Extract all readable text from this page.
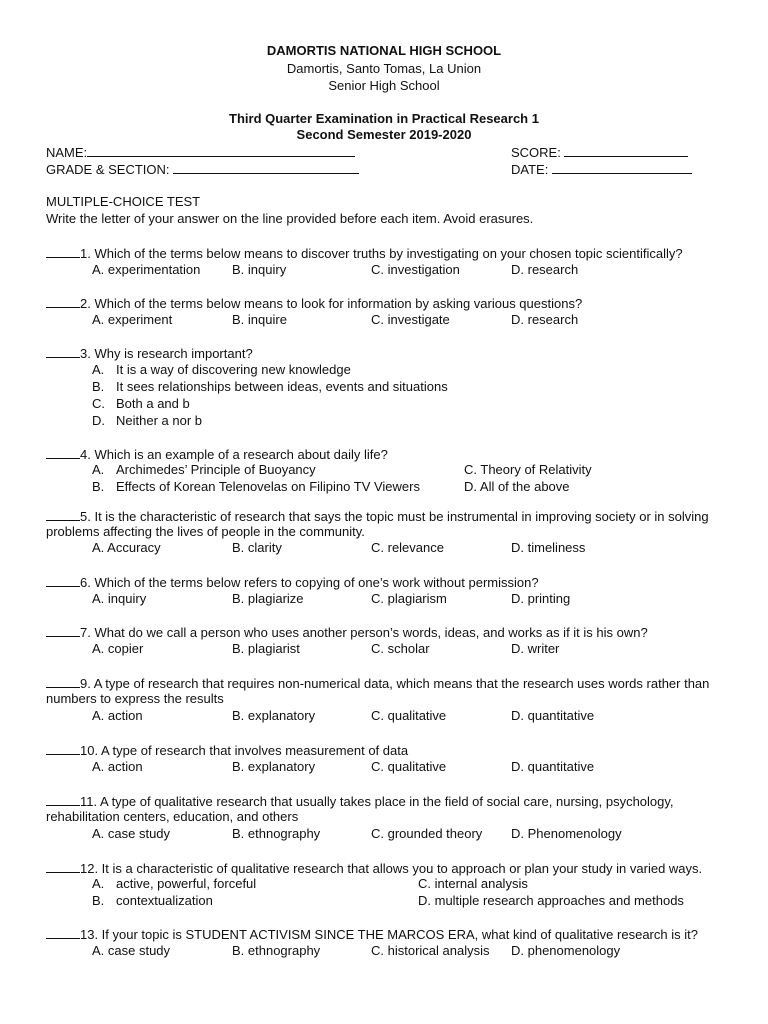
DAMORTIS NATIONAL HIGH SCHOOL
Damortis, Santo Tomas, La Union
Senior High School
Third Quarter Examination in Practical Research 1
Second Semester 2019-2020
NAME:	SCORE:
GRADE & SECTION:	DATE:
MULTIPLE-CHOICE TEST
Write the letter of your answer on the line provided before each item. Avoid erasures.
1. Which of the terms below means to discover truths by investigating on your chosen topic scientifically?
A. experimentation B. inquiry	C. investigation	D. research
2. Which of the terms below means to look for information by asking various questions?
A. experiment	B. inquire	C. investigate	D. research
3. Why is research important?
A. It is a way of discovering new knowledge
B. It sees relationships between ideas, events and situations
C. Both a and b
D. Neither a nor b
4. Which is an example of a research about daily life?
A. Archimedes’ Principle of Buoyancy
B. Effects of Korean Telenovelas on Filipino TV Viewers
C. Theory of Relativity
D. All of the above
5. It is the characteristic of research that says the topic must be instrumental in improving society or in solving
problems affecting the lives of people in the community.
A. Accuracy	B. clarity	C. relevance	D. timeliness
6. Which of the terms below refers to copying of one’s work without permission?
A. inquiry	B. plagiarize	C. plagiarism	D. printing
7. What do we call a person who uses another person’s words, ideas, and works as if it is his own?
A. copier	B. plagiarist	C. scholar	D. writer
9. A type of research that requires non-numerical data, which means that the research uses words rather than
numbers to express the results
A. action	B. explanatory	C. qualitative	D. quantitative
10. A type of research that involves measurement of data
A. action	B. explanatory	C. qualitative	D. quantitative
11. A type of qualitative research that usually takes place in the field of social care, nursing, psychology,
rehabilitation centers, education, and others
A. case study	B. ethnography	C. grounded theory D. Phenomenology
12. It is a characteristic of qualitative research that allows you to approach or plan your study in varied ways.
A. active, powerful, forceful
B. contextualization
C. internal analysis
D. multiple research approaches and methods
13. If your topic is STUDENT ACTIVISM SINCE THE MARCOS ERA, what kind of qualitative research is it?
A. case study	B. ethnography	C. historical analysis D. phenomenology
